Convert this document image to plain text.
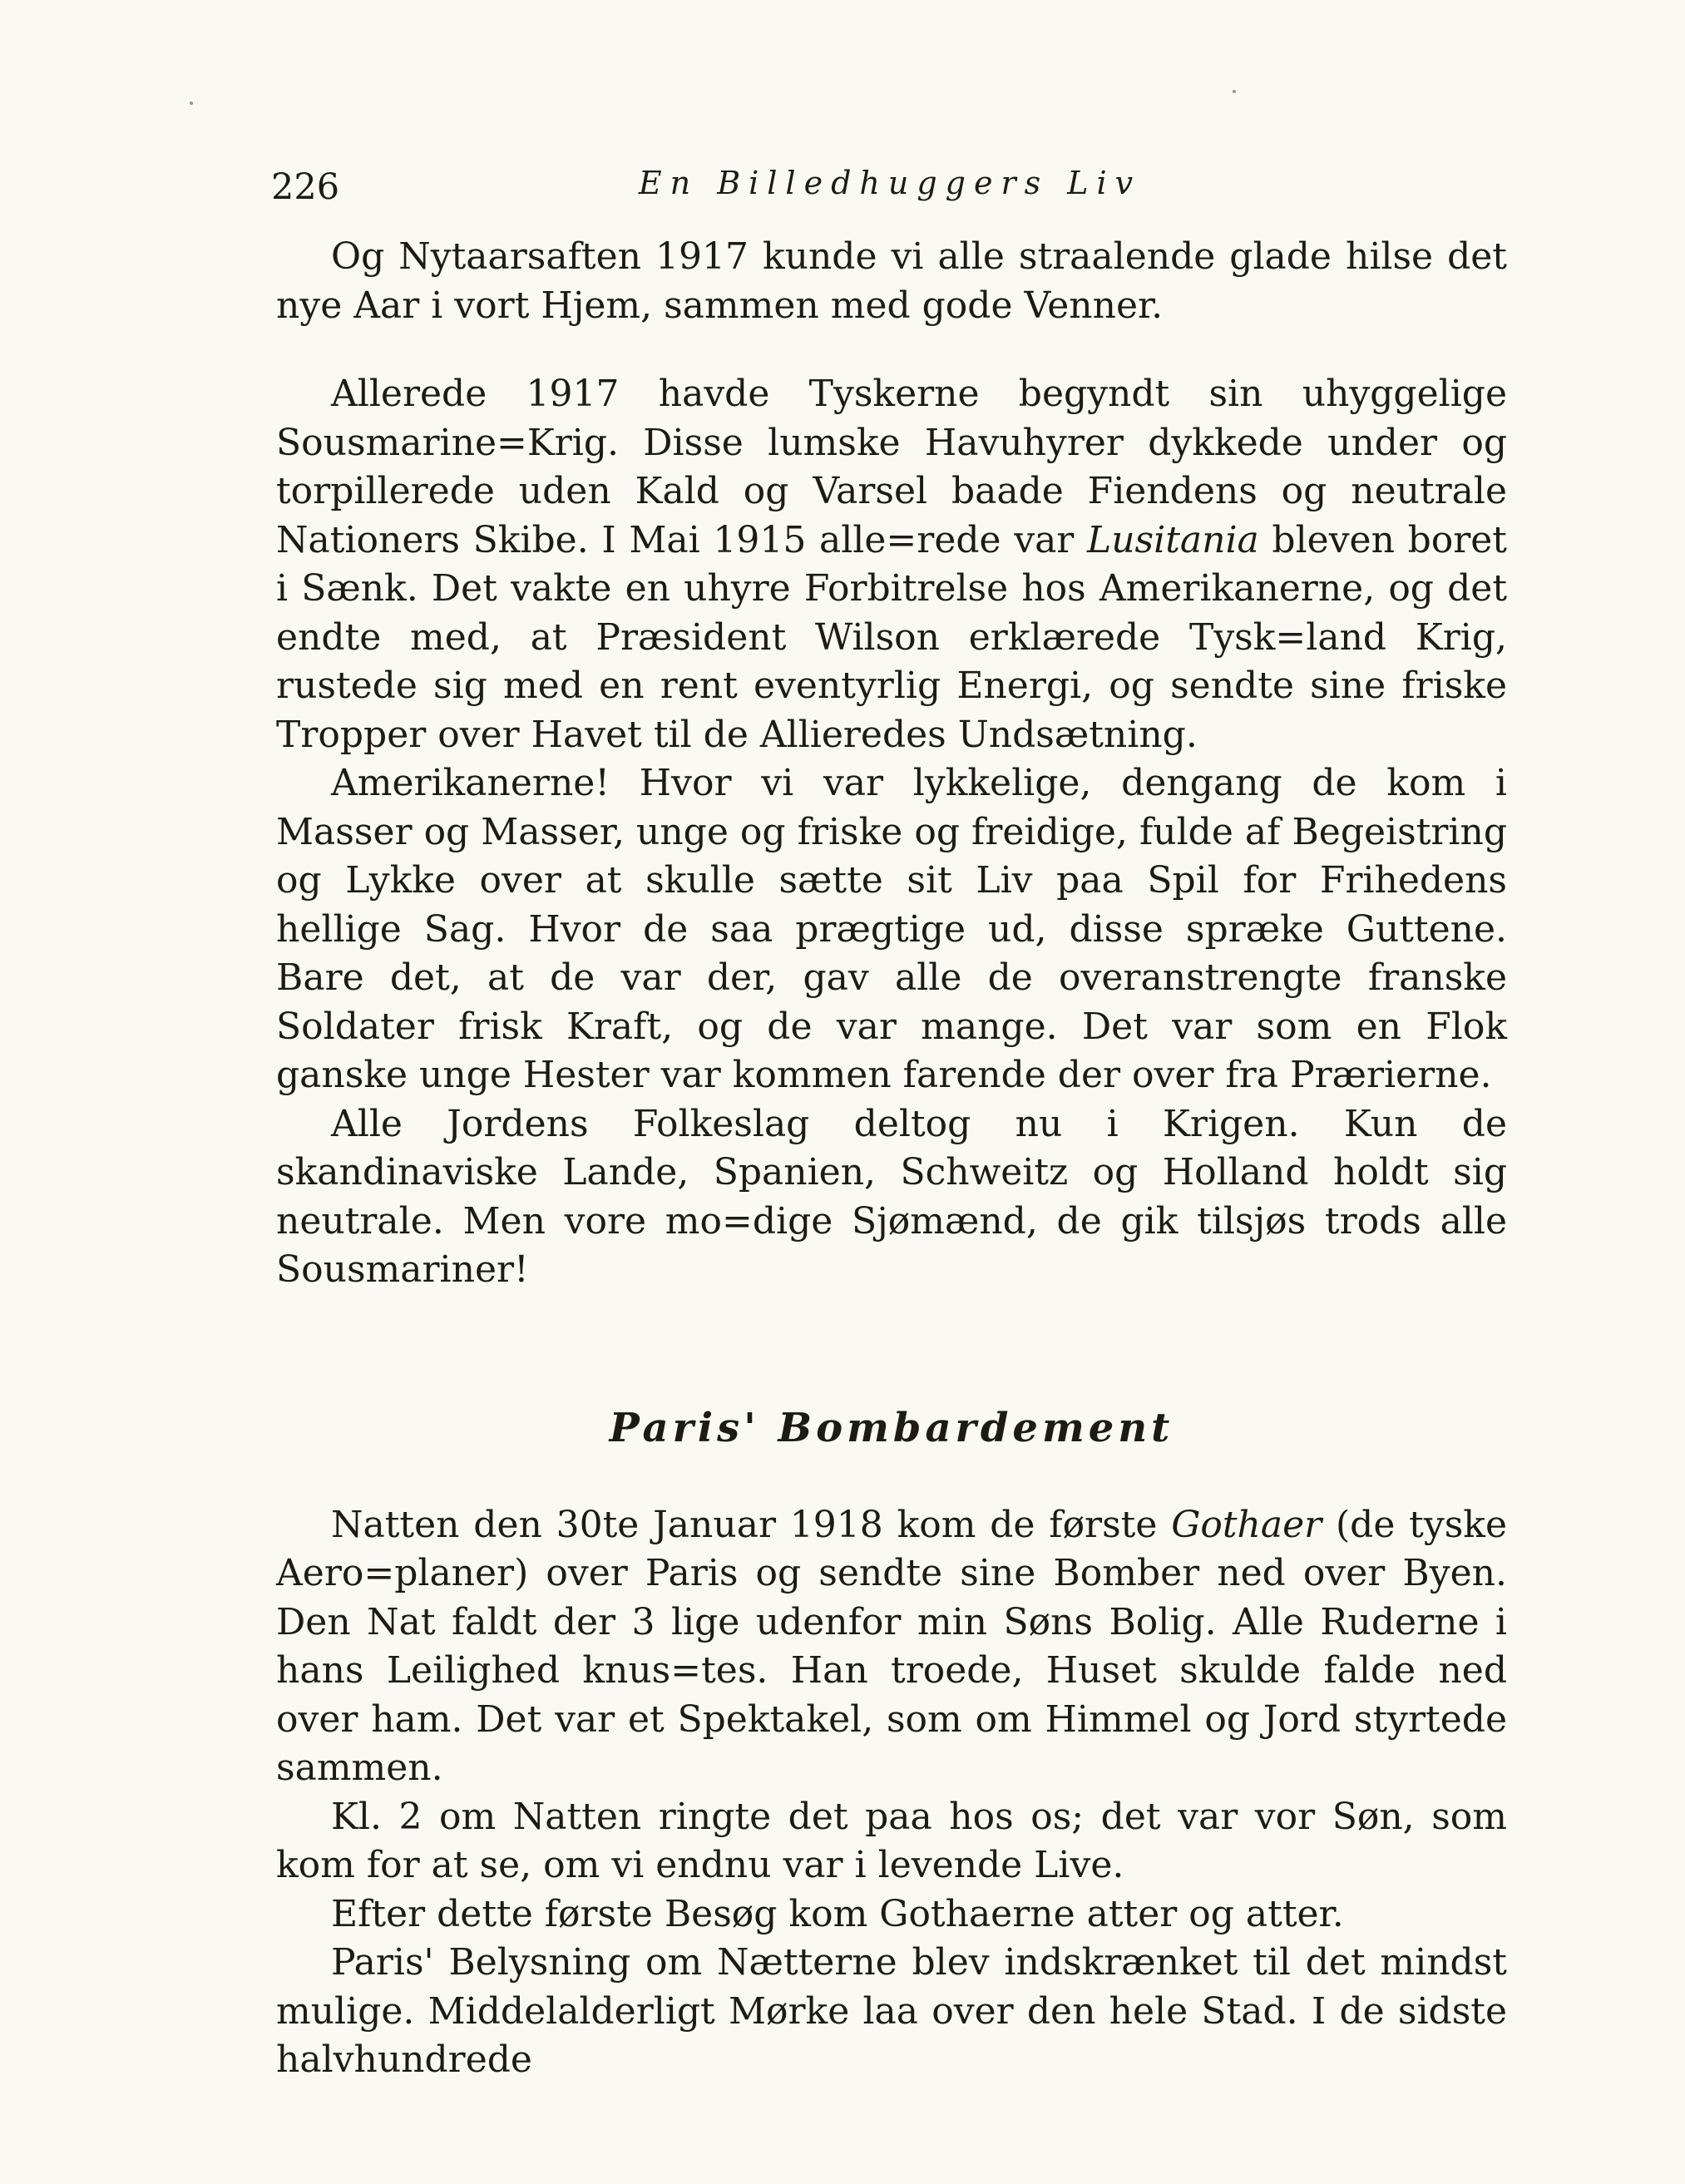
226	En Billedhuggers Liv

Og Nytaarsaften 1917 kunde vi alle straalende glade hilse det nye Aar i vort Hjem, sammen med gode Venner.

Allerede 1917 havde Tyskerne begyndt sin uhyggelige Sousmarine=Krig. Disse lumske Havuhyrer dykkede under og torpillerede uden Kald og Varsel baade Fiendens og neutrale Nationers Skibe. I Mai 1915 alle=rede var Lusitania bleven boret i Sænk. Det vakte en uhyre Forbitrelse hos Amerikanerne, og det endte med, at Præsident Wilson erklærede Tysk=land Krig, rustede sig med en rent eventyrlig Energi, og sendte sine friske Tropper over Havet til de Allieredes Undsætning.

Amerikanerne! Hvor vi var lykkelige, dengang de kom i Masser og Masser, unge og friske og freidige, fulde af Begeistring og Lykke over at skulle sætte sit Liv paa Spil for Frihedens hellige Sag. Hvor de saa prægtige ud, disse spræke Guttene. Bare det, at de var der, gav alle de overanstrengte franske Soldater frisk Kraft, og de var mange. Det var som en Flok ganske unge Hester var kommen farende der over fra Prærierne.

Alle Jordens Folkeslag deltog nu i Krigen. Kun de skandinaviske Lande, Spanien, Schweitz og Holland holdt sig neutrale. Men vore mo=dige Sjømænd, de gik tilsjøs trods alle Sousmariner!

Paris' Bombardement

Natten den 30te Januar 1918 kom de første Gothaer (de tyske Aero=planer) over Paris og sendte sine Bomber ned over Byen. Den Nat faldt der 3 lige udenfor min Søns Bolig. Alle Ruderne i hans Leilighed knus=tes. Han troede, Huset skulde falde ned over ham. Det var et Spektakel, som om Himmel og Jord styrtede sammen.

Kl. 2 om Natten ringte det paa hos os; det var vor Søn, som kom for at se, om vi endnu var i levende Live.

Efter dette første Besøg kom Gothaerne atter og atter.

Paris' Belysning om Nætterne blev indskrænket til det mindst mulige. Middelalderligt Mørke laa over den hele Stad. I de sidste halvhundrede
